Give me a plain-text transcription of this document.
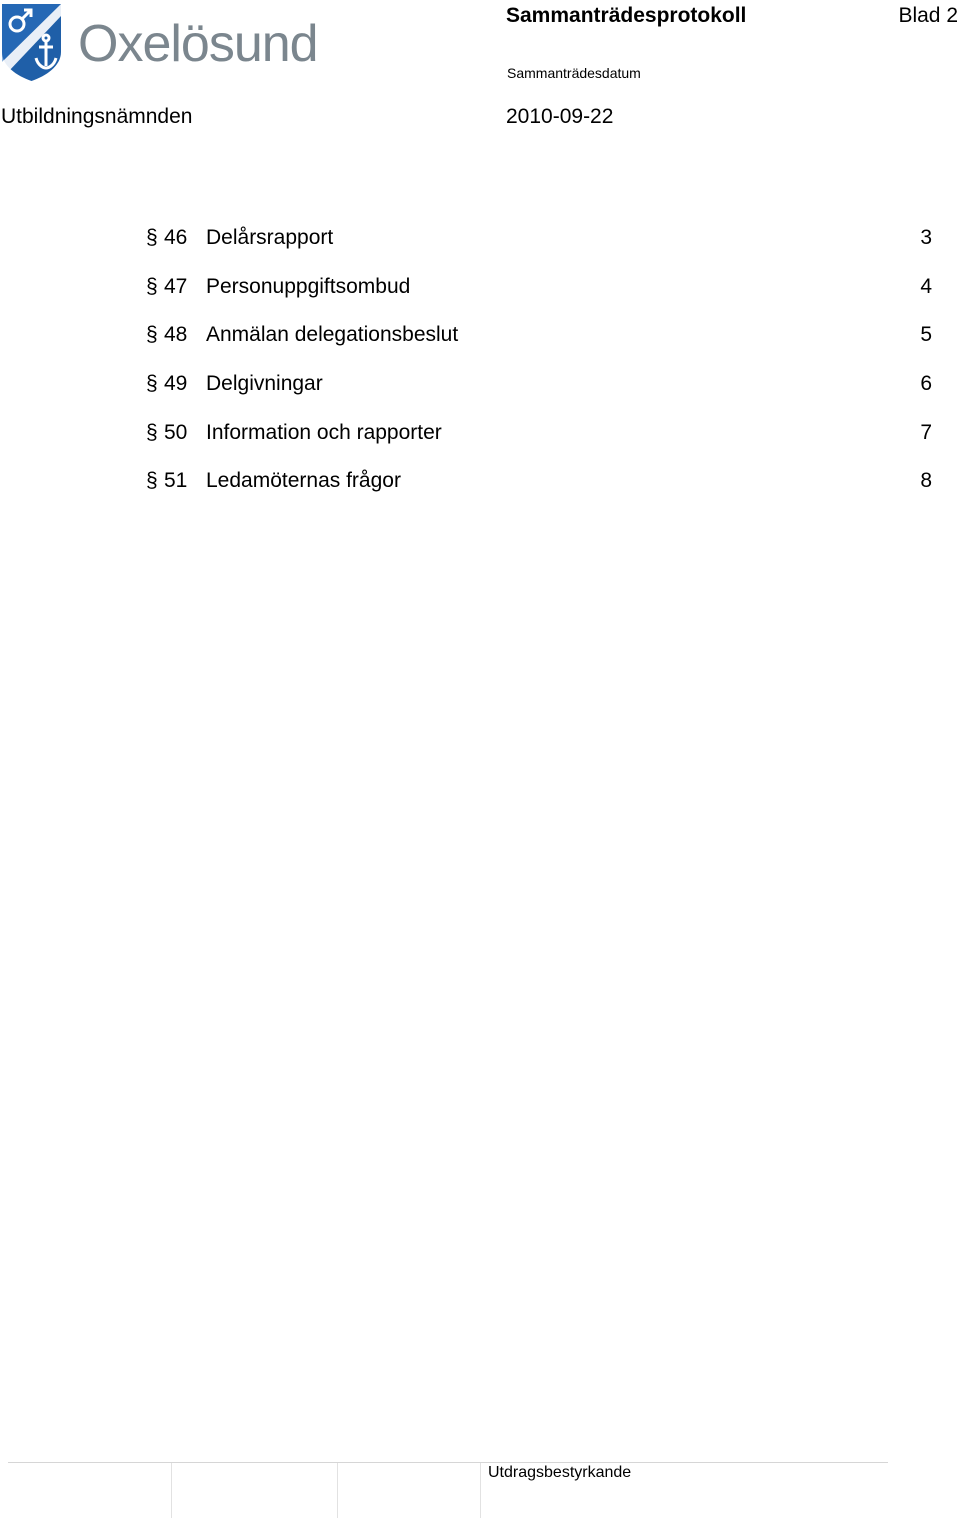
Oxelösund	Sammanträdesprotokoll	Blad 2
Sammanträdesdatum
Utbildningsnämnden	2010-09-22
§ 46 Delårsrapport	3
§ 47 Personuppgiftsombud	4
§ 48 Anmälan delegationsbeslut	5
§ 49 Delgivningar	6
§ 50 Information och rapporter	7
§ 51 Ledamöternas frågor	8
Utdragsbestyrkande
